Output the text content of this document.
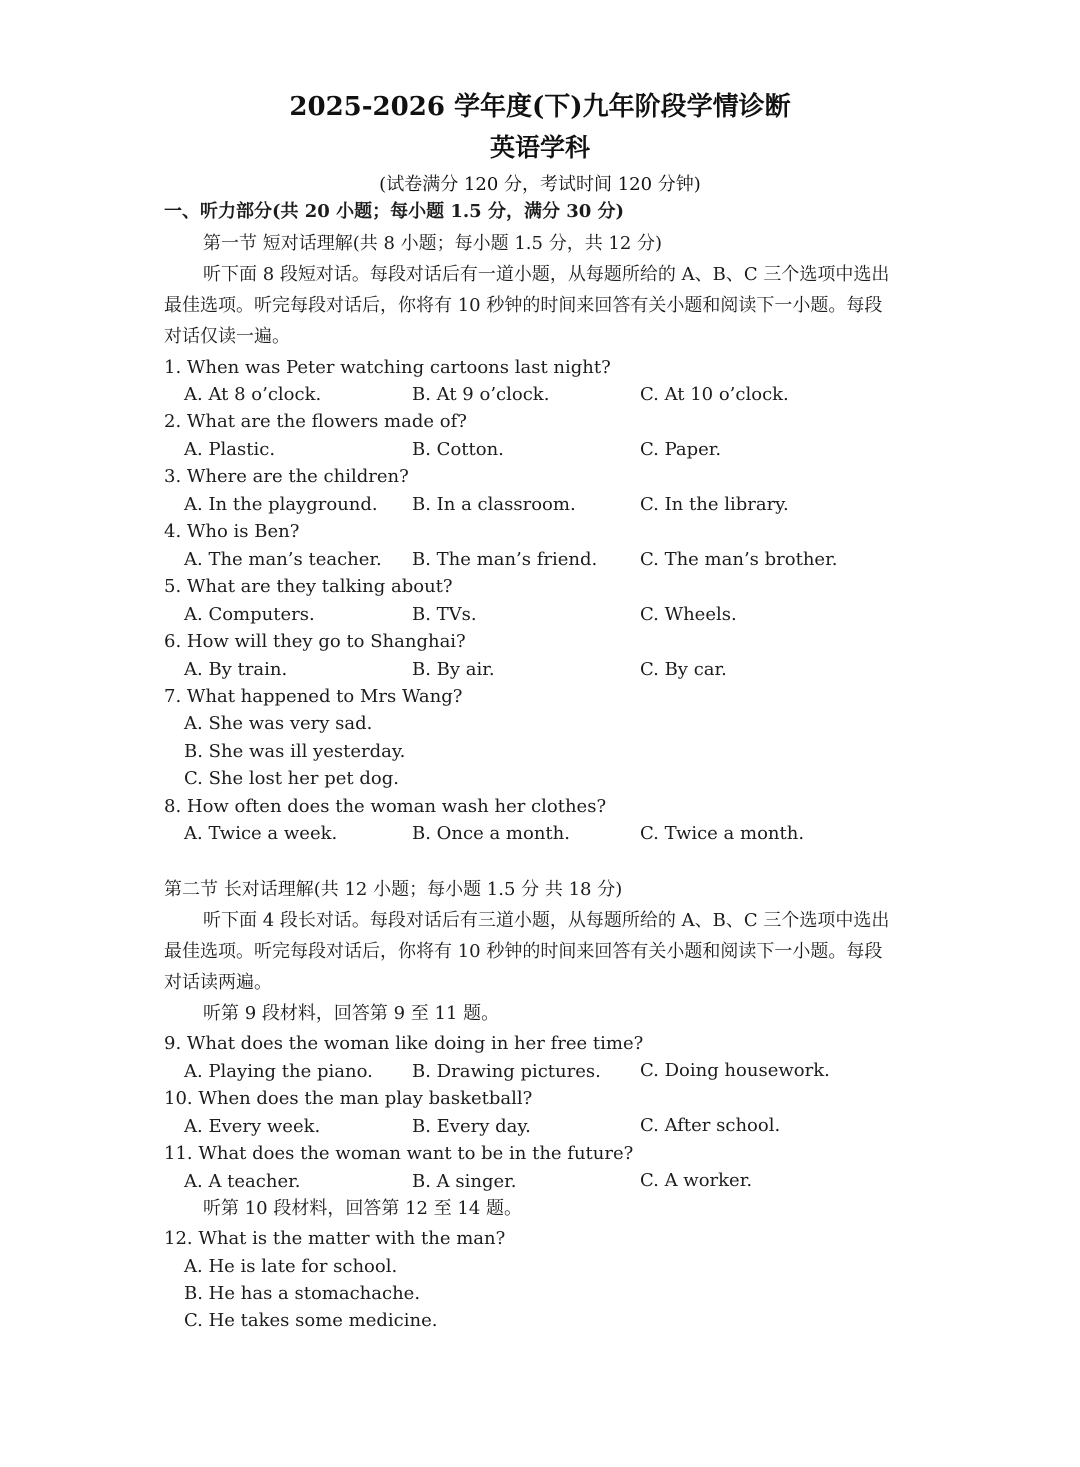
2025-2026 学年度(下)九年阶段学情诊断
英语学科
(试卷满分 120 分，考试时间 120 分钟)
一、听力部分(共 20 小题；每小题 1.5 分，满分 30 分)
第一节 短对话理解(共 8 小题；每小题 1.5 分，共 12 分)
听下面 8 段短对话。每段对话后有一道小题，从每题所给的 A、B、C 三个选项中选出
最佳选项。听完每段对话后，你将有 10 秒钟的时间来回答有关小题和阅读下一小题。每段
对话仅读一遍。
1. When was Peter watching cartoons last night?
A. At 8 o’clock.	B. At 9 o’clock.	C. At 10 o’clock.
2. What are the flowers made of?
A. Plastic.	B. Cotton.	C. Paper.
3. Where are the children?
A. In the playground. B. In a classroom.	C. In the library.
4. Who is Ben?
A. The man’s teacher. B. The man’s friend. C. The man’s brother.
5. What are they talking about?
A. Computers.	B. TVs.	C. Wheels.
6. How will they go to Shanghai?
A. By train.	B. By air.	C. By car.
7. What happened to Mrs Wang?
A. She was very sad.
B. She was ill yesterday.
C. She lost her pet dog.
8. How often does the woman wash her clothes?
A. Twice a week.	B. Once a month.	C. Twice a month.
第二节 长对话理解(共 12 小题；每小题 1.5 分 共 18 分)
听下面 4 段长对话。每段对话后有三道小题，从每题所给的 A、B、C 三个选项中选出
最佳选项。听完每段对话后，你将有 10 秒钟的时间来回答有关小题和阅读下一小题。每段
对话读两遍。
听第 9 段材料，回答第 9 至 11 题。
9. What does the woman like doing in her free time?
A. Playing the piano. B. Drawing pictures. C. Doing housework.
10. When does the man play basketball?
A. Every week.	B. Every day.	C. After school.
11. What does the woman want to be in the future?
A. A teacher.	B. A singer.	C. A worker.
听第 10 段材料，回答第 12 至 14 题。
12. What is the matter with the man?
A. He is late for school.
B. He has a stomachache.
C. He takes some medicine.
